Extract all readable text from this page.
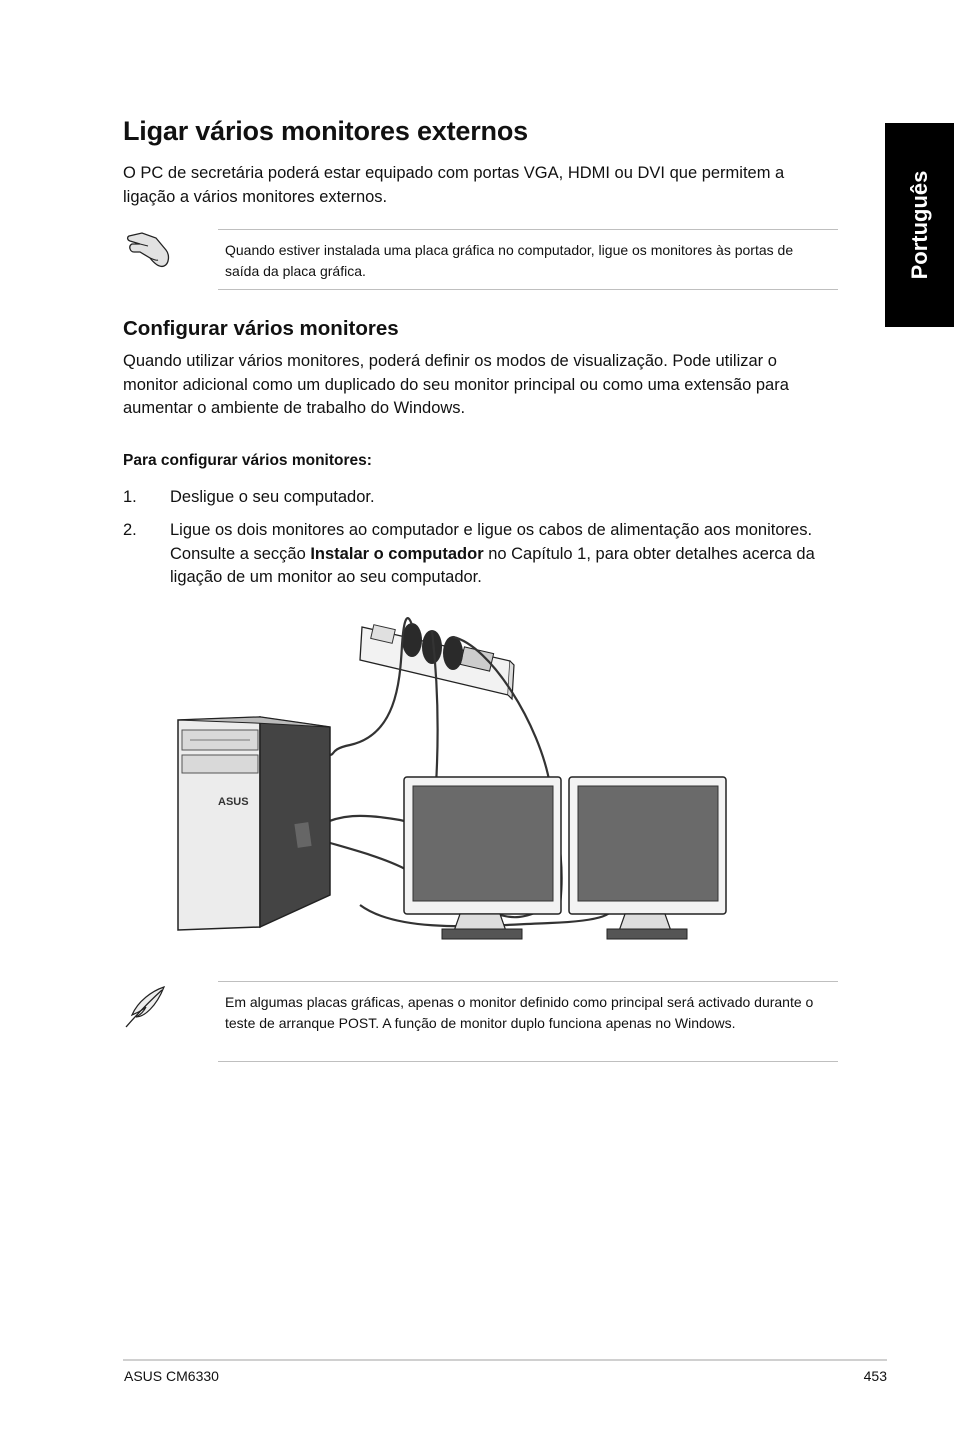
Português
Ligar vários monitores externos
O PC de secretária poderá estar equipado com portas VGA, HDMI ou DVI que permitem a ligação a vários monitores externos.
Quando estiver instalada uma placa gráfica no computador, ligue os monitores às portas de saída da placa gráfica.
Configurar vários monitores
Quando utilizar vários monitores, poderá definir os modos de visualização. Pode utilizar o monitor adicional como um duplicado do seu monitor principal ou como uma extensão para aumentar o ambiente de trabalho do Windows.
Para configurar vários monitores:
1. Desligue o seu computador.
2. Ligue os dois monitores ao computador e ligue os cabos de alimentação aos monitores. Consulte a secção Instalar o computador no Capítulo 1, para obter detalhes acerca da ligação de um monitor ao seu computador.
ASUS
Em algumas placas gráficas, apenas o monitor definido como principal será activado durante o teste de arranque POST. A função de monitor duplo funciona apenas no Windows.
ASUS CM6330	453
